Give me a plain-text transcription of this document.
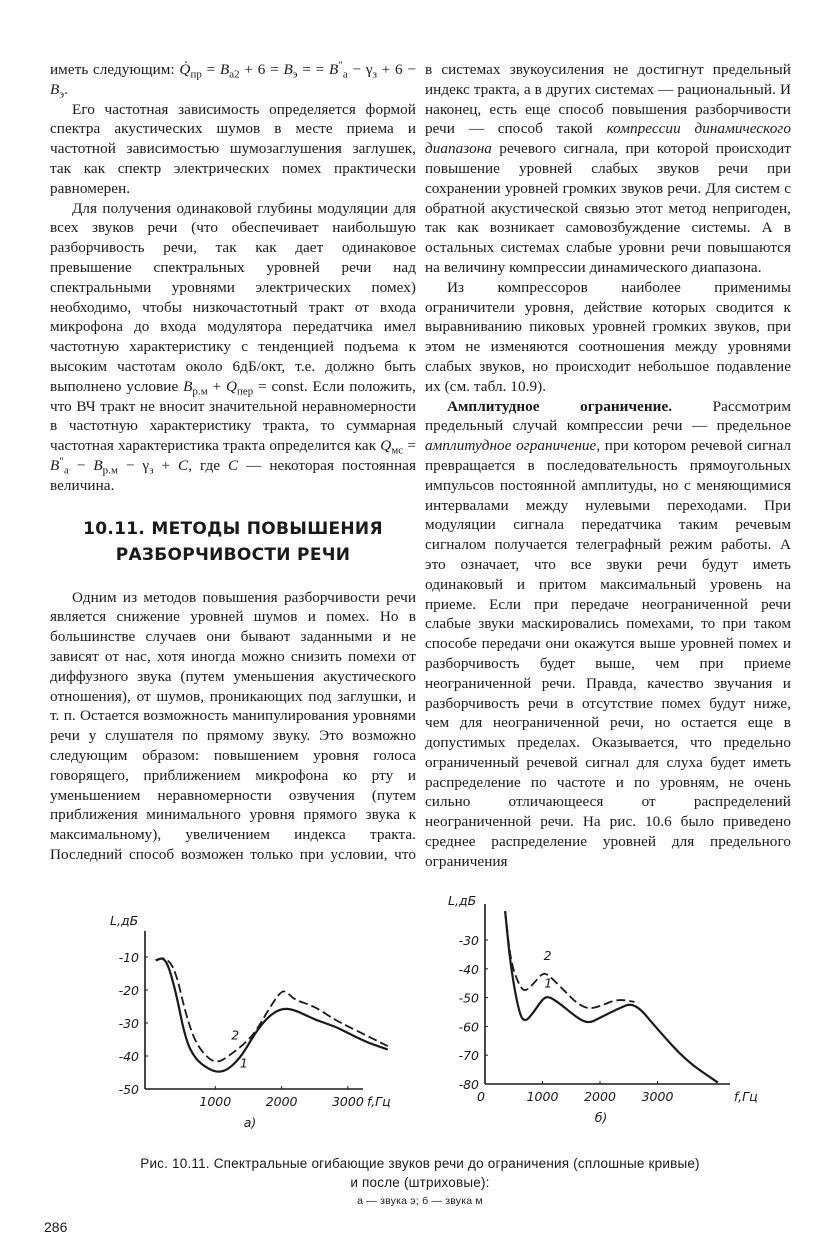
иметь следующим: $Q̇_{пр} = B_{а2} + 6 = B_э$ = = $B''_а - \gamma_з + 6 - B_э$.

Его частотная зависимость определяется формой спектра акустических шумов в месте приема и частотной зависимостью шумозаглушения заглушек, так как спектр электрических помех практически равномерен.

Для получения одинаковой глубины модуляции для всех звуков речи (что обеспечивает наибольшую разборчивость речи, так как дает одинаковое превышение спектральных уровней речи над спектральными уровнями электрических помех) необходимо, чтобы низкочастотный тракт от входа микрофона до входа модулятора передатчика имел частотную характеристику с тенденцией подъема к высоким частотам около 6дБ/окт, т.е. должно быть выполнено условие $B_{р.м} + Q_{пер}$ = const. Если положить, что ВЧ тракт не вносит значительной неравномерности в частотную характеристику тракта, то суммарная частотная характеристика тракта определится как $Q_{мс} = B''_а - B_{р.м} - \gamma_з + C$, где C — некоторая постоянная величина.

10.11. МЕТОДЫ ПОВЫШЕНИЯ
РАЗБОРЧИВОСТИ РЕЧИ

Одним из методов повышения разборчивости речи является снижение уровней шумов и помех. Но в большинстве случаев они бывают заданными и не зависят от нас, хотя иногда можно снизить помехи от диффузного звука (путем уменьшения акустического отношения), от шумов, проникающих под заглушки, и т. п. Остается возможность манипулирования уровнями речи у слушателя по прямому звуку. Это возможно следующим образом: повышением уровня голоса говорящего, приближением микрофона ко рту и уменьшением неравномерности озвучения (путем приближения минимального уровня прямого звука к максимальному), увеличением индекса тракта. Последний способ возможен только при условии, что

в системах звукоусиления не достигнут предельный индекс тракта, а в других системах — рациональный. И наконец, есть еще способ повышения разборчивости речи — способ такой компрессии динамического диапазона речевого сигнала, при которой происходит повышение уровней слабых звуков речи при сохранении уровней громких звуков речи. Для систем с обратной акустической связью этот метод непригоден, так как возникает самовозбуждение системы. А в остальных системах слабые уровни речи повышаются на величину компрессии динамического диапазона.

Из компрессоров наиболее применимы ограничители уровня, действие которых сводится к выравниванию пиковых уровней громких звуков, при этом не изменяются соотношения между уровнями слабых звуков, но происходит небольшое подавление их (см. табл. 10.9).

Амплитудное ограничение. Рассмотрим предельный случай компрессии речи — предельное амплитудное ограничение, при котором речевой сигнал превращается в последовательность прямоугольных импульсов постоянной амплитуды, но с меняющимися интервалами между нулевыми переходами. При модуляции сигнала передатчика таким речевым сигналом получается телеграфный режим работы. А это означает, что все звуки речи будут иметь одинаковый и притом максимальный уровень на приеме. Если при передаче неограниченной речи слабые звуки маскировались помехами, то при таком способе передачи они окажутся выше уровней помех и разборчивость будет выше, чем при приеме неограниченной речи. Правда, качество звучания и разборчивость речи в отсутствие помех будут ниже, чем для неограниченной речи, но остается еще в допустимых пределах. Оказывается, что предельно ограниченный речевой сигнал для слуха будет иметь распределение по частоте и по уровням, не очень сильно отличающееся от распределений неограниченной речи. На рис. 10.6 было приведено среднее распределение уровней для предельного ограничения

L,дБ
-10
-20
-30
-40
-50
1000	2000	3000 f,Гц
а)
1
2
L,дБ
-30
-40
-50
-60
-70
-80
0	1000 2000 3000	f,Гц
б)
1
2
Рис. 10.11. Спектральные огибающие звуков речи до ограничения (сплошные кривые)
и после (штриховые):
а — звука э; б — звука м
286
